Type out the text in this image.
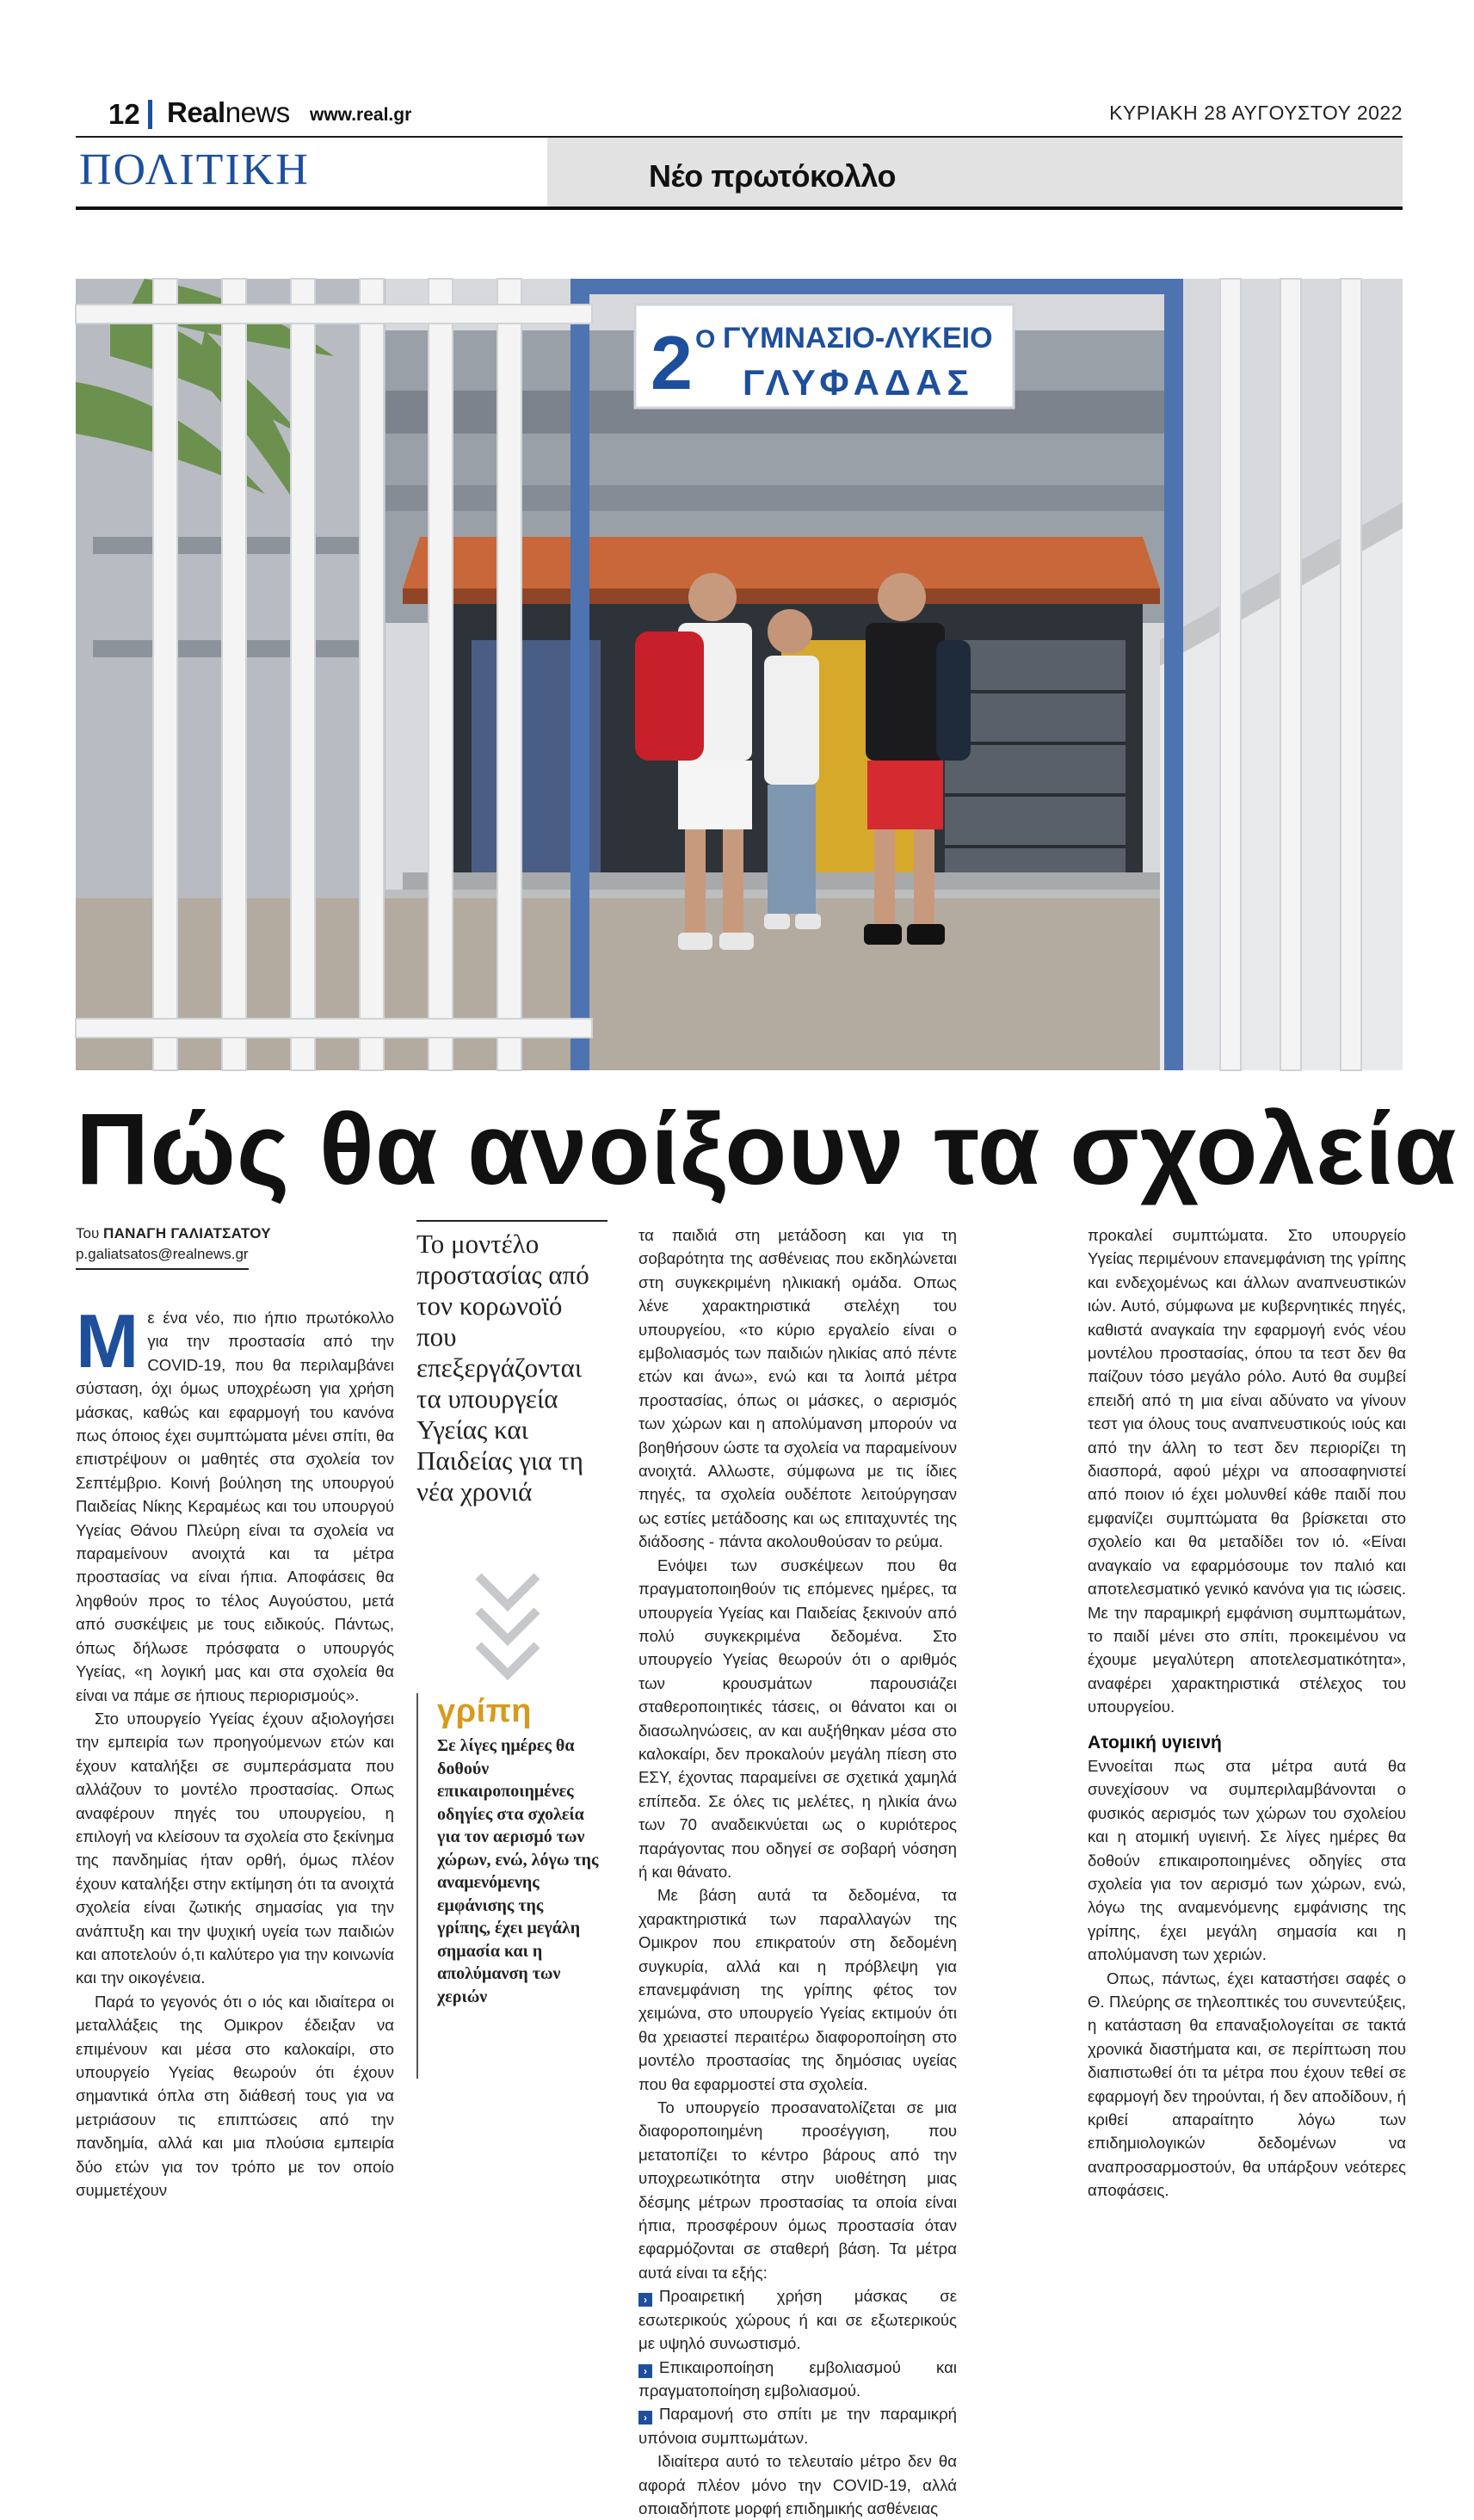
12 Realnews www.real.gr	ΚΥΡΙΑΚΗ 28 ΑΥΓΟΥΣΤΟΥ 2022
ΠΟΛΙΤΙΚΗ	Νέο πρωτόκολλο
2 Ο ΓΥΜΝΑΣΙΟ-ΛΥΚΕΙΟ
ΓΛΥΦΑΔΑΣ
Πώς θα ανοίξουν τα σχολεία
Του ΠΑΝΑΓΗ ΓΑΛΙΑΤΣΑΤΟΥ
p.galiatsatos@realnews.gr

Με ένα νέο, πιο ήπιο πρωτόκολλο για την προστασία από την COVID-19, που θα περιλαμβάνει σύσταση, όχι όμως υποχρέωση για χρήση μάσκας, καθώς και εφαρμογή του κανόνα πως όποιος έχει συμπτώματα μένει σπίτι, θα επιστρέψουν οι μαθητές στα σχολεία τον Σεπτέμβριο. Κοινή βούληση της υπουργού Παιδείας Νίκης Κεραμέως και του υπουργού Υγείας Θάνου Πλεύρη είναι τα σχολεία να παραμείνουν ανοιχτά και τα μέτρα προστασίας να είναι ήπια. Αποφάσεις θα ληφθούν προς το τέλος Αυγούστου, μετά από συσκέψεις με τους ειδικούς. Πάντως, όπως δήλωσε πρόσφατα ο υπουργός Υγείας, «η λογική μας και στα σχολεία θα είναι να πάμε σε ήπιους περιορισμούς».

Στο υπουργείο Υγείας έχουν αξιολογήσει την εμπειρία των προηγούμενων ετών και έχουν καταλήξει σε συμπεράσματα που αλλάζουν το μοντέλο προστασίας. Οπως αναφέρουν πηγές του υπουργείου, η επιλογή να κλείσουν τα σχολεία στο ξεκίνημα της πανδημίας ήταν ορθή, όμως πλέον έχουν καταλήξει στην εκτίμηση ότι τα ανοιχτά σχολεία είναι ζωτικής σημασίας για την ανάπτυξη και την ψυχική υγεία των παιδιών και αποτελούν ό,τι καλύτερο για την κοινωνία και την οικογένεια.

Παρά το γεγονός ότι ο ιός και ιδιαίτερα οι μεταλλάξεις της Ομικρον έδειξαν να επιμένουν και μέσα στο καλοκαίρι, στο υπουργείο Υγείας θεωρούν ότι έχουν σημαντικά όπλα στη διάθεσή τους για να μετριάσουν τις επιπτώσεις από την πανδημία, αλλά και μια πλούσια εμπειρία δύο ετών για τον τρόπο με τον οποίο συμμετέχουν

Το μοντέλο προστασίας από τον κορωνοϊό που επεξεργάζονται τα υπουργεία Υγείας και Παιδείας για τη νέα χρονιά
γρίπη
Σε λίγες ημέρες θα δοθούν επικαιροποιημένες οδηγίες στα σχολεία για τον αερισμό των χώρων, ενώ, λόγω της αναμενόμενης εμφάνισης της γρίπης, έχει μεγάλη σημασία και η απολύμανση των χεριών

τα παιδιά στη μετάδοση και για τη σοβαρότητα της ασθένειας που εκδηλώνεται στη συγκεκριμένη ηλικιακή ομάδα. Οπως λένε χαρακτηριστικά στελέχη του υπουργείου, «το κύριο εργαλείο είναι ο εμβολιασμός των παιδιών ηλικίας από πέντε ετών και άνω», ενώ και τα λοιπά μέτρα προστασίας, όπως οι μάσκες, ο αερισμός των χώρων και η απολύμανση μπορούν να βοηθήσουν ώστε τα σχολεία να παραμείνουν ανοιχτά. Αλλωστε, σύμφωνα με τις ίδιες πηγές, τα σχολεία ουδέποτε λειτούργησαν ως εστίες μετάδοσης και ως επιταχυντές της διάδοσης - πάντα ακολουθούσαν το ρεύμα.

Ενόψει των συσκέψεων που θα πραγματοποιηθούν τις επόμενες ημέρες, τα υπουργεία Υγείας και Παιδείας ξεκινούν από πολύ συγκεκριμένα δεδομένα. Στο υπουργείο Υγείας θεωρούν ότι ο αριθμός των κρουσμάτων παρουσιάζει σταθεροποιητικές τάσεις, οι θάνατοι και οι διασωληνώσεις, αν και αυξήθηκαν μέσα στο καλοκαίρι, δεν προκαλούν μεγάλη πίεση στο ΕΣΥ, έχοντας παραμείνει σε σχετικά χαμηλά επίπεδα. Σε όλες τις μελέτες, η ηλικία άνω των 70 αναδεικνύεται ως ο κυριότερος παράγοντας που οδηγεί σε σοβαρή νόσηση ή και θάνατο.

Με βάση αυτά τα δεδομένα, τα χαρακτηριστικά των παραλλαγών της Ομικρον που επικρατούν στη δεδομένη συγκυρία, αλλά και η πρόβλεψη για επανεμφάνιση της γρίπης φέτος τον χειμώνα, στο υπουργείο Υγείας εκτιμούν ότι θα χρειαστεί περαιτέρω διαφοροποίηση στο μοντέλο προστασίας της δημόσιας υγείας που θα εφαρμοστεί στα σχολεία.

Το υπουργείο προσανατολίζεται σε μια διαφοροποιημένη προσέγγιση, που μετατοπίζει το κέντρο βάρους από την υποχρεωτικότητα στην υιοθέτηση μιας δέσμης μέτρων προστασίας τα οποία είναι ήπια, προσφέρουν όμως προστασία όταν εφαρμόζονται σε σταθερή βάση. Τα μέτρα αυτά είναι τα εξής:

› Προαιρετική χρήση μάσκας σε εσωτερικούς χώρους ή και σε εξωτερικούς με υψηλό συνωστισμό.

› Επικαιροποίηση εμβολιασμού και πραγματοποίηση εμβολιασμού.

› Παραμονή στο σπίτι με την παραμικρή υπόνοια συμπτωμάτων.

Ιδιαίτερα αυτό το τελευταίο μέτρο δεν θα αφορά πλέον μόνο την COVID-19, αλλά οποιαδήποτε μορφή επιδημικής ασθένειας

προκαλεί συμπτώματα. Στο υπουργείο Υγείας περιμένουν επανεμφάνιση της γρίπης και ενδεχομένως και άλλων αναπνευστικών ιών. Αυτό, σύμφωνα με κυβερνητικές πηγές, καθιστά αναγκαία την εφαρμογή ενός νέου μοντέλου προστασίας, όπου τα τεστ δεν θα παίζουν τόσο μεγάλο ρόλο. Αυτό θα συμβεί επειδή από τη μια είναι αδύνατο να γίνουν τεστ για όλους τους αναπνευστικούς ιούς και από την άλλη το τεστ δεν περιορίζει τη διασπορά, αφού μέχρι να αποσαφηνιστεί από ποιον ιό έχει μολυνθεί κάθε παιδί που εμφανίζει συμπτώματα θα βρίσκεται στο σχολείο και θα μεταδίδει τον ιό. «Είναι αναγκαίο να εφαρμόσουμε τον παλιό και αποτελεσματικό γενικό κανόνα για τις ιώσεις. Με την παραμικρή εμφάνιση συμπτωμάτων, το παιδί μένει στο σπίτι, προκειμένου να έχουμε μεγαλύτερη αποτελεσματικότητα», αναφέρει χαρακτηριστικά στέλεχος του υπουργείου.

Ατομική υγιεινή

Εννοείται πως στα μέτρα αυτά θα συνεχίσουν να συμπεριλαμβάνονται ο φυσικός αερισμός των χώρων του σχολείου και η ατομική υγιεινή. Σε λίγες ημέρες θα δοθούν επικαιροποιημένες οδηγίες στα σχολεία για τον αερισμό των χώρων, ενώ, λόγω της αναμενόμενης εμφάνισης της γρίπης, έχει μεγάλη σημασία και η απολύμανση των χεριών.

Οπως, πάντως, έχει καταστήσει σαφές ο Θ. Πλεύρης σε τηλεοπτικές του συνεντεύξεις, η κατάσταση θα επαναξιολογείται σε τακτά χρονικά διαστήματα και, σε περίπτωση που διαπιστωθεί ότι τα μέτρα που έχουν τεθεί σε εφαρμογή δεν τηρούνται, ή δεν αποδίδουν, ή κριθεί απαραίτητο λόγω των επιδημιολογικών δεδομένων να αναπροσαρμοστούν, θα υπάρξουν νεότερες αποφάσεις.
